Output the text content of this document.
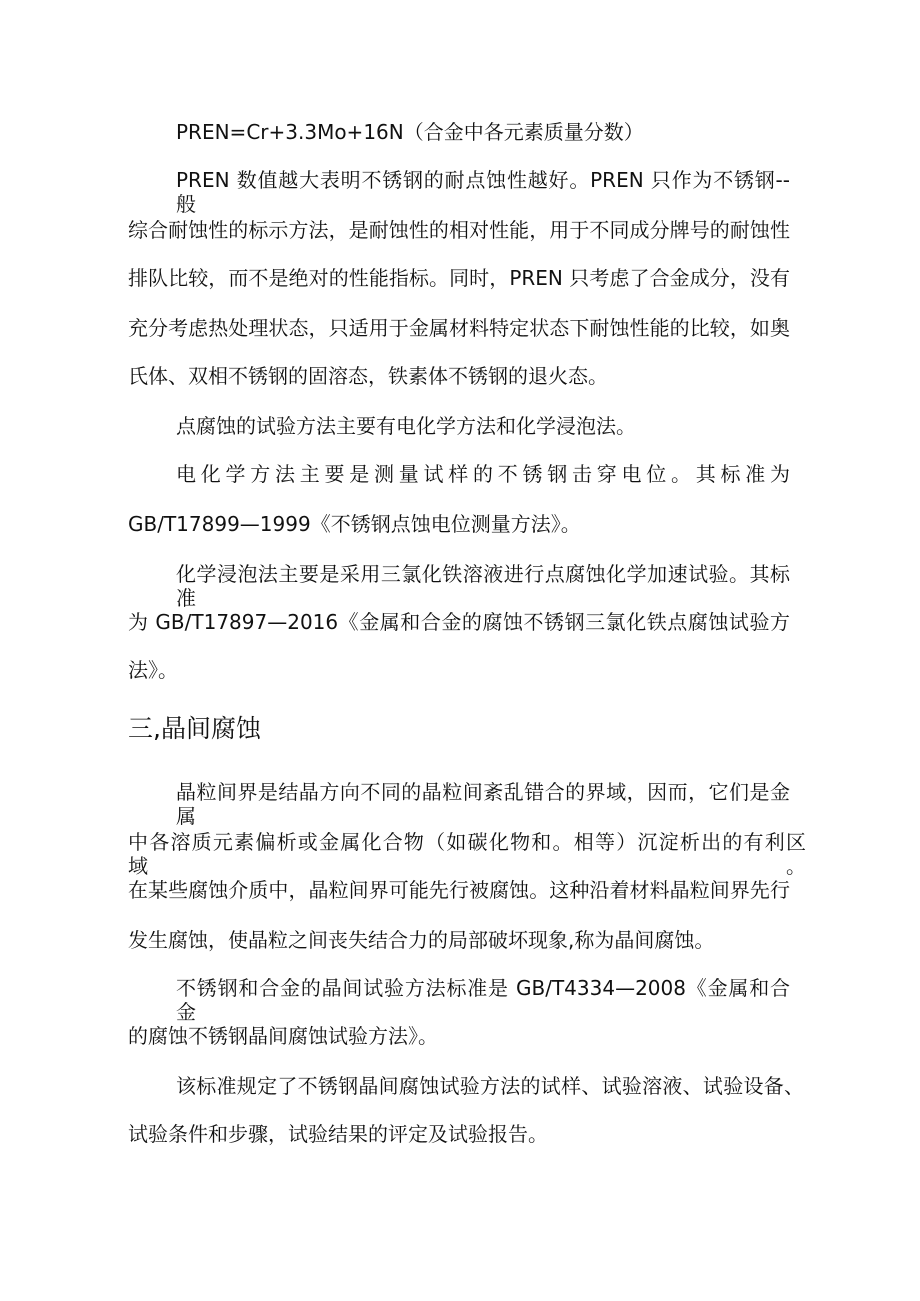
PREN=Cr+3.3Mo+16N（合金中各元素质量分数）
PREN 数值越大表明不锈钢的耐点蚀性越好。PREN 只作为不锈钢--般
综合耐蚀性的标示方法，是耐蚀性的相对性能，用于不同成分牌号的耐蚀性
排队比较，而不是绝对的性能指标。同时，PREN 只考虑了合金成分，没有
充分考虑热处理状态，只适用于金属材料特定状态下耐蚀性能的比较，如奥
氏体、双相不锈钢的固溶态，铁素体不锈钢的退火态。
点腐蚀的试验方法主要有电化学方法和化学浸泡法。
电化学方法主要是测量试样的不锈钢击穿电位。其标准为
GB/T17899—1999《不锈钢点蚀电位测量方法》。
化学浸泡法主要是采用三氯化铁溶液进行点腐蚀化学加速试验。其标准
为 GB/T17897—2016《金属和合金的腐蚀不锈钢三氯化铁点腐蚀试验方
法》。
三,晶间腐蚀
晶粒间界是结晶方向不同的晶粒间紊乱错合的界域，因而，它们是金属
中各溶质元素偏析或金属化合物（如碳化物和。相等）沉淀析出的有利区域。
在某些腐蚀介质中，晶粒间界可能先行被腐蚀。这种沿着材料晶粒间界先行
发生腐蚀，使晶粒之间丧失结合力的局部破坏现象,称为晶间腐蚀。
不锈钢和合金的晶间试验方法标准是 GB/T4334—2008《金属和合金
的腐蚀不锈钢晶间腐蚀试验方法》。
该标准规定了不锈钢晶间腐蚀试验方法的试样、试验溶液、试验设备、
试验条件和步骤，试验结果的评定及试验报告。
